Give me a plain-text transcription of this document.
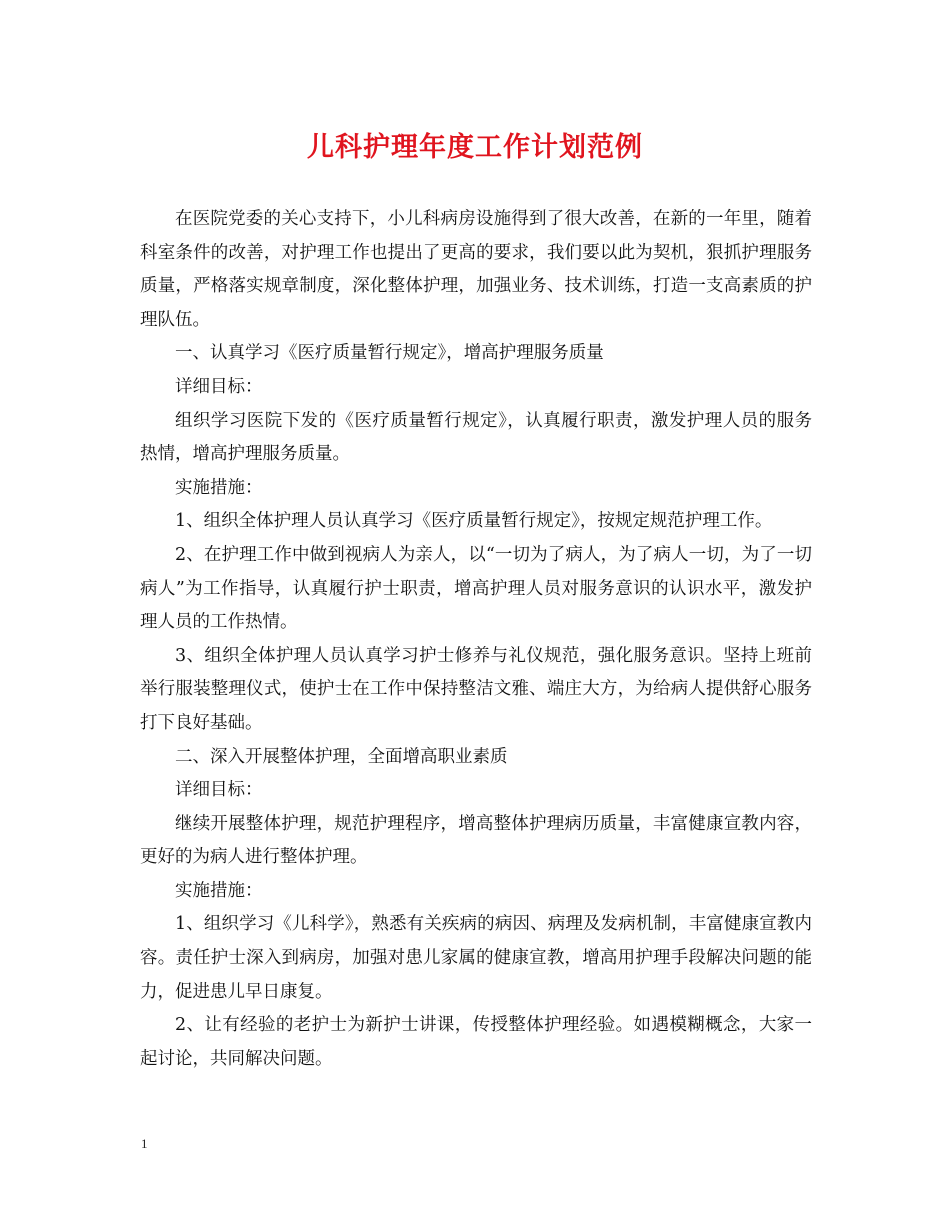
儿科护理年度工作计划范例

在医院党委的关心支持下，小儿科病房设施得到了很大改善，在新的一年里，随着科室条件的改善，对护理工作也提出了更高的要求，我们要以此为契机，狠抓护理服务质量，严格落实规章制度，深化整体护理，加强业务、技术训练，打造一支高素质的护理队伍。

一、认真学习《医疗质量暂行规定》，增高护理服务质量

详细目标：

组织学习医院下发的《医疗质量暂行规定》，认真履行职责，激发护理人员的服务热情，增高护理服务质量。

实施措施：

1、组织全体护理人员认真学习《医疗质量暂行规定》，按规定规范护理工作。

2、在护理工作中做到视病人为亲人，以“一切为了病人，为了病人一切，为了一切病人”为工作指导，认真履行护士职责，增高护理人员对服务意识的认识水平，激发护理人员的工作热情。

3、组织全体护理人员认真学习护士修养与礼仪规范，强化服务意识。坚持上班前举行服装整理仪式，使护士在工作中保持整洁文雅、端庄大方，为给病人提供舒心服务打下良好基础。

二、深入开展整体护理，全面增高职业素质

详细目标：

继续开展整体护理，规范护理程序，增高整体护理病历质量，丰富健康宣教内容，更好的为病人进行整体护理。

实施措施：

1、组织学习《儿科学》，熟悉有关疾病的病因、病理及发病机制，丰富健康宣教内容。责任护士深入到病房，加强对患儿家属的健康宣教，增高用护理手段解决问题的能力，促进患儿早日康复。

2、让有经验的老护士为新护士讲课，传授整体护理经验。如遇模糊概念，大家一起讨论，共同解决问题。

1
